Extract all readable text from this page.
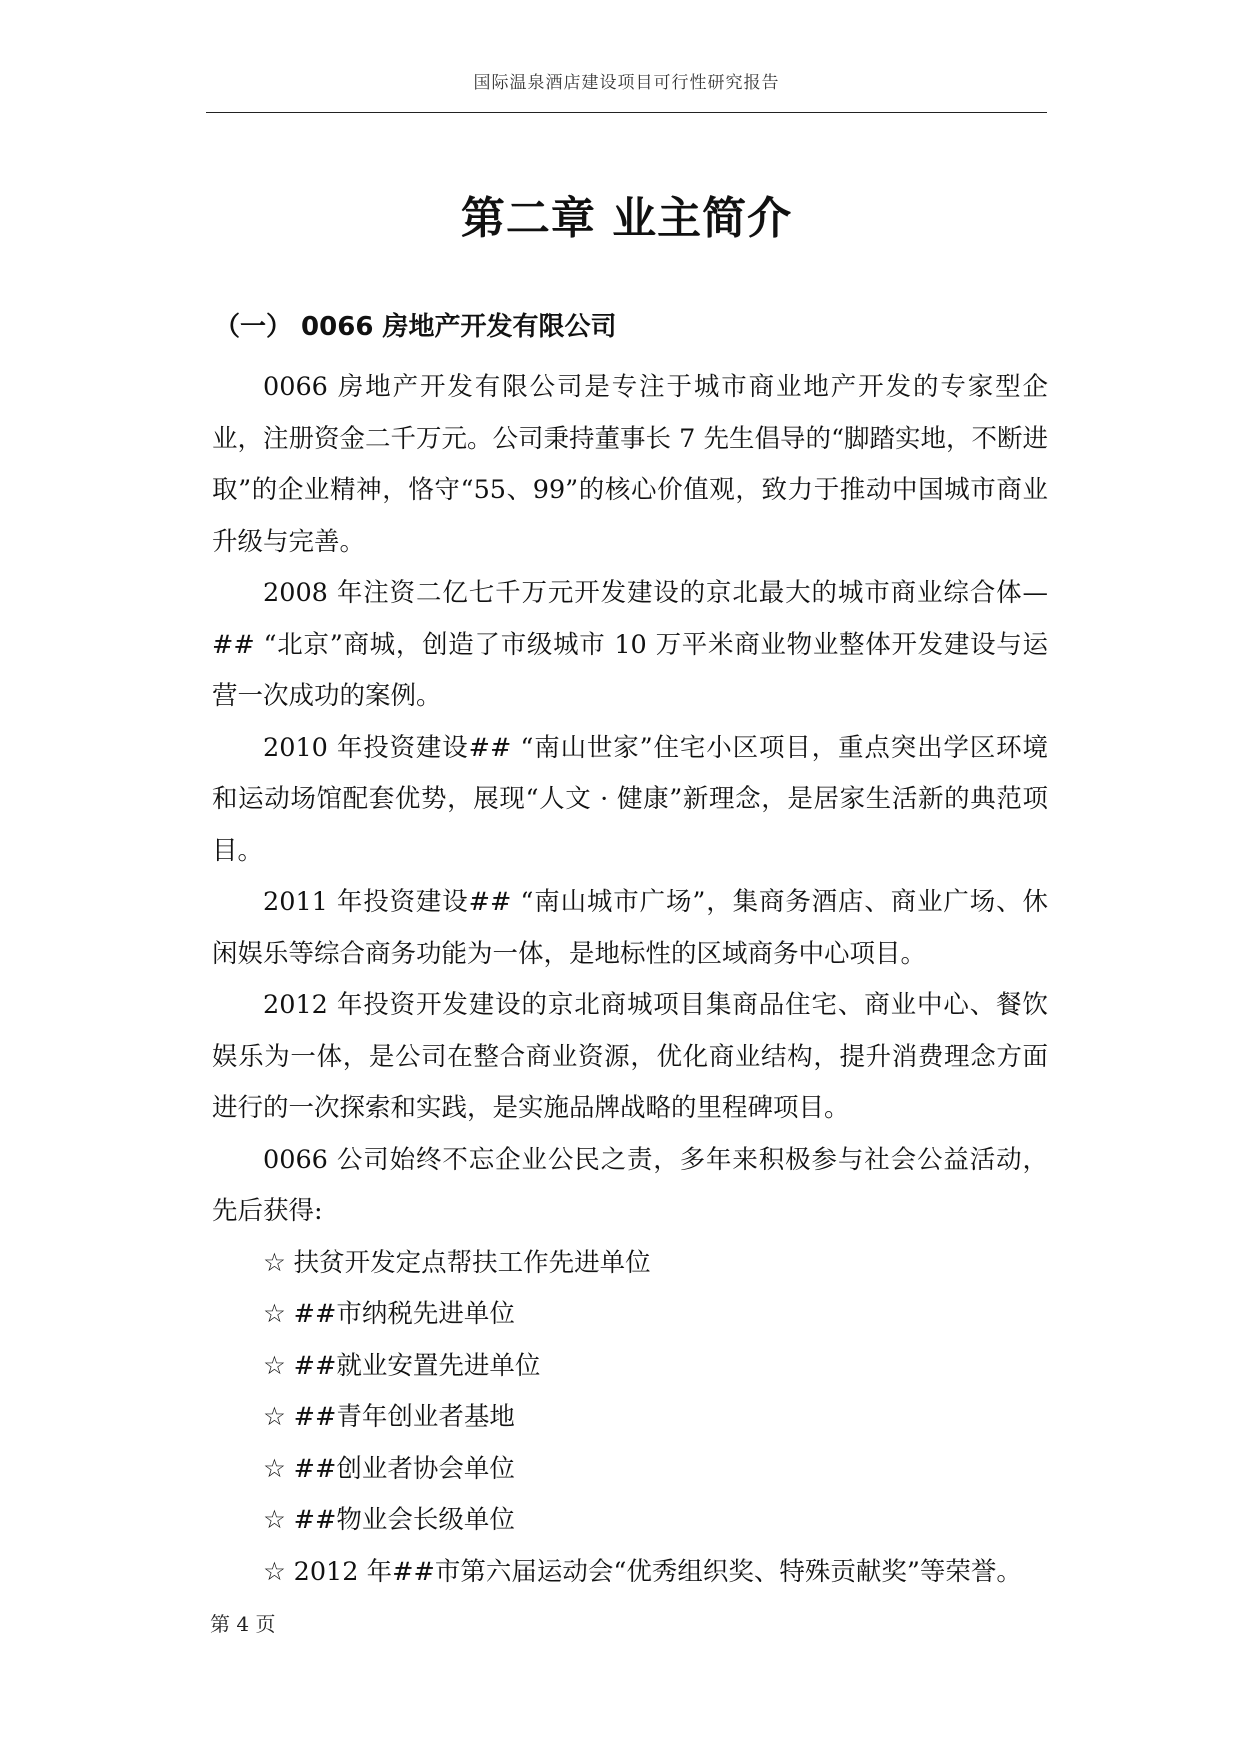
国际温泉酒店建设项目可行性研究报告
第二章 业主简介
（一） 0066 房地产开发有限公司

0066 房地产开发有限公司是专注于城市商业地产开发的专家型企业，注册资金二千万元。公司秉持董事长 7 先生倡导的“脚踏实地，不断进取”的企业精神，恪守“55、99”的核心价值观，致力于推动中国城市商业升级与完善。

2008 年注资二亿七千万元开发建设的京北最大的城市商业综合体—## “北京”商城，创造了市级城市 10 万平米商业物业整体开发建设与运营一次成功的案例。

2010 年投资建设## “南山世家”住宅小区项目，重点突出学区环境和运动场馆配套优势，展现“人文 · 健康”新理念，是居家生活新的典范项目。

2011 年投资建设## “南山城市广场”，集商务酒店、商业广场、休闲娱乐等综合商务功能为一体，是地标性的区域商务中心项目。

2012 年投资开发建设的京北商城项目集商品住宅、商业中心、餐饮娱乐为一体，是公司在整合商业资源，优化商业结构，提升消费理念方面进行的一次探索和实践，是实施品牌战略的里程碑项目。

0066 公司始终不忘企业公民之责，多年来积极参与社会公益活动，先后获得:

☆ 扶贫开发定点帮扶工作先进单位
☆ ##市纳税先进单位
☆ ##就业安置先进单位
☆ ##青年创业者基地
☆ ##创业者协会单位
☆ ##物业会长级单位
☆ 2012 年##市第六届运动会“优秀组织奖、特殊贡献奖”等荣誉。
第 4 页
